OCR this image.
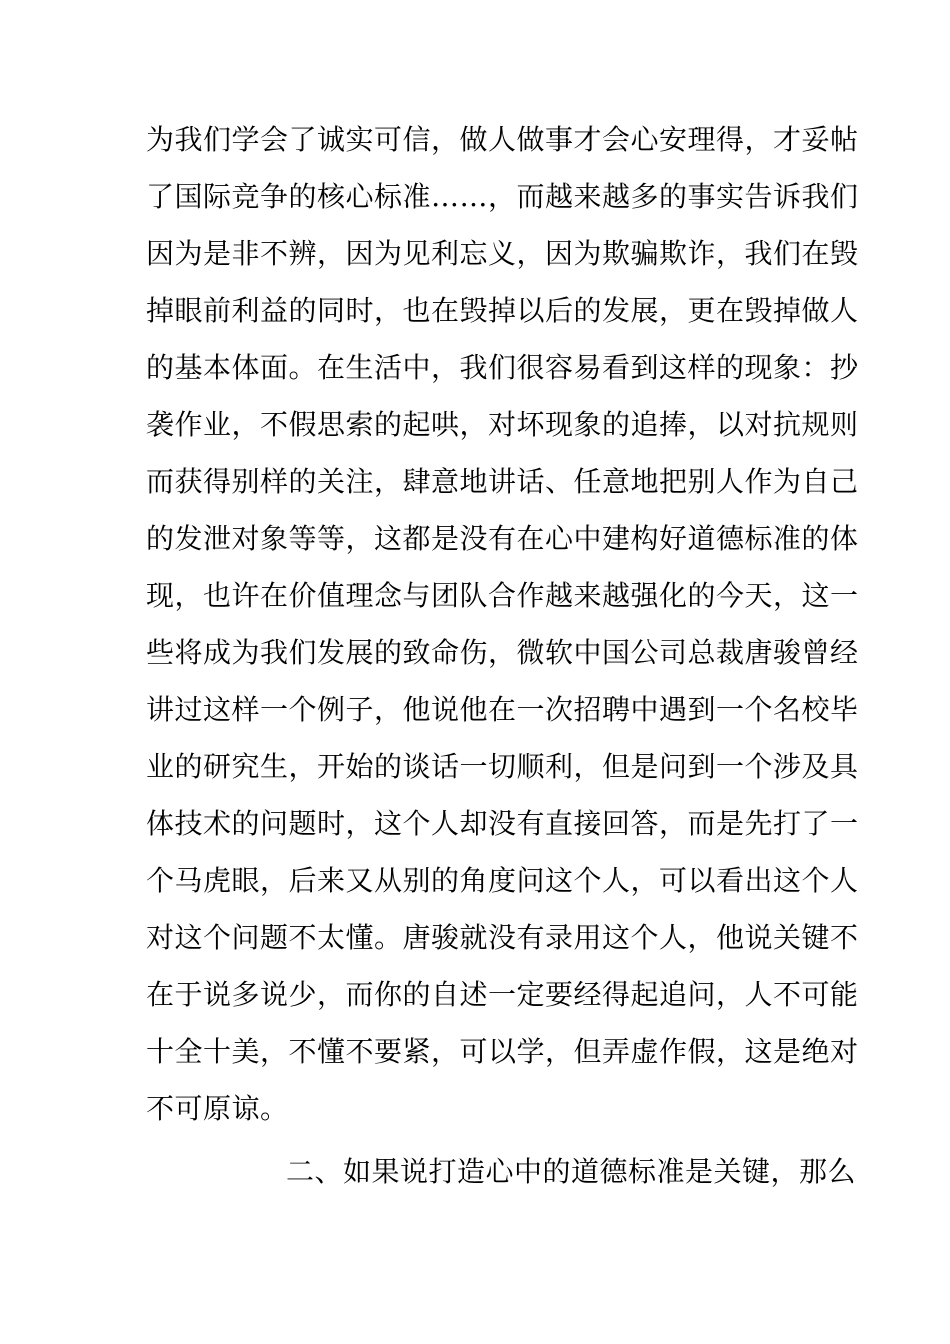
为我们学会了诚实可信，做人做事才会心安理得，才妥帖
了国际竞争的核心标准……，而越来越多的事实告诉我们
因为是非不辨，因为见利忘义，因为欺骗欺诈，我们在毁
掉眼前利益的同时，也在毁掉以后的发展，更在毁掉做人
的基本体面。在生活中，我们很容易看到这样的现象：抄
袭作业，不假思索的起哄，对坏现象的追捧，以对抗规则
而获得别样的关注，肆意地讲话、任意地把别人作为自己
的发泄对象等等，这都是没有在心中建构好道德标准的体
现，也许在价值理念与团队合作越来越强化的今天，这一
些将成为我们发展的致命伤，微软中国公司总裁唐骏曾经
讲过这样一个例子，他说他在一次招聘中遇到一个名校毕
业的研究生，开始的谈话一切顺利，但是问到一个涉及具
体技术的问题时，这个人却没有直接回答，而是先打了一
个马虎眼，后来又从别的角度问这个人，可以看出这个人
对这个问题不太懂。唐骏就没有录用这个人，他说关键不
在于说多说少，而你的自述一定要经得起追问，人不可能
十全十美，不懂不要紧，可以学，但弄虚作假，这是绝对
不可原谅。
二、如果说打造心中的道德标准是关键，那么
